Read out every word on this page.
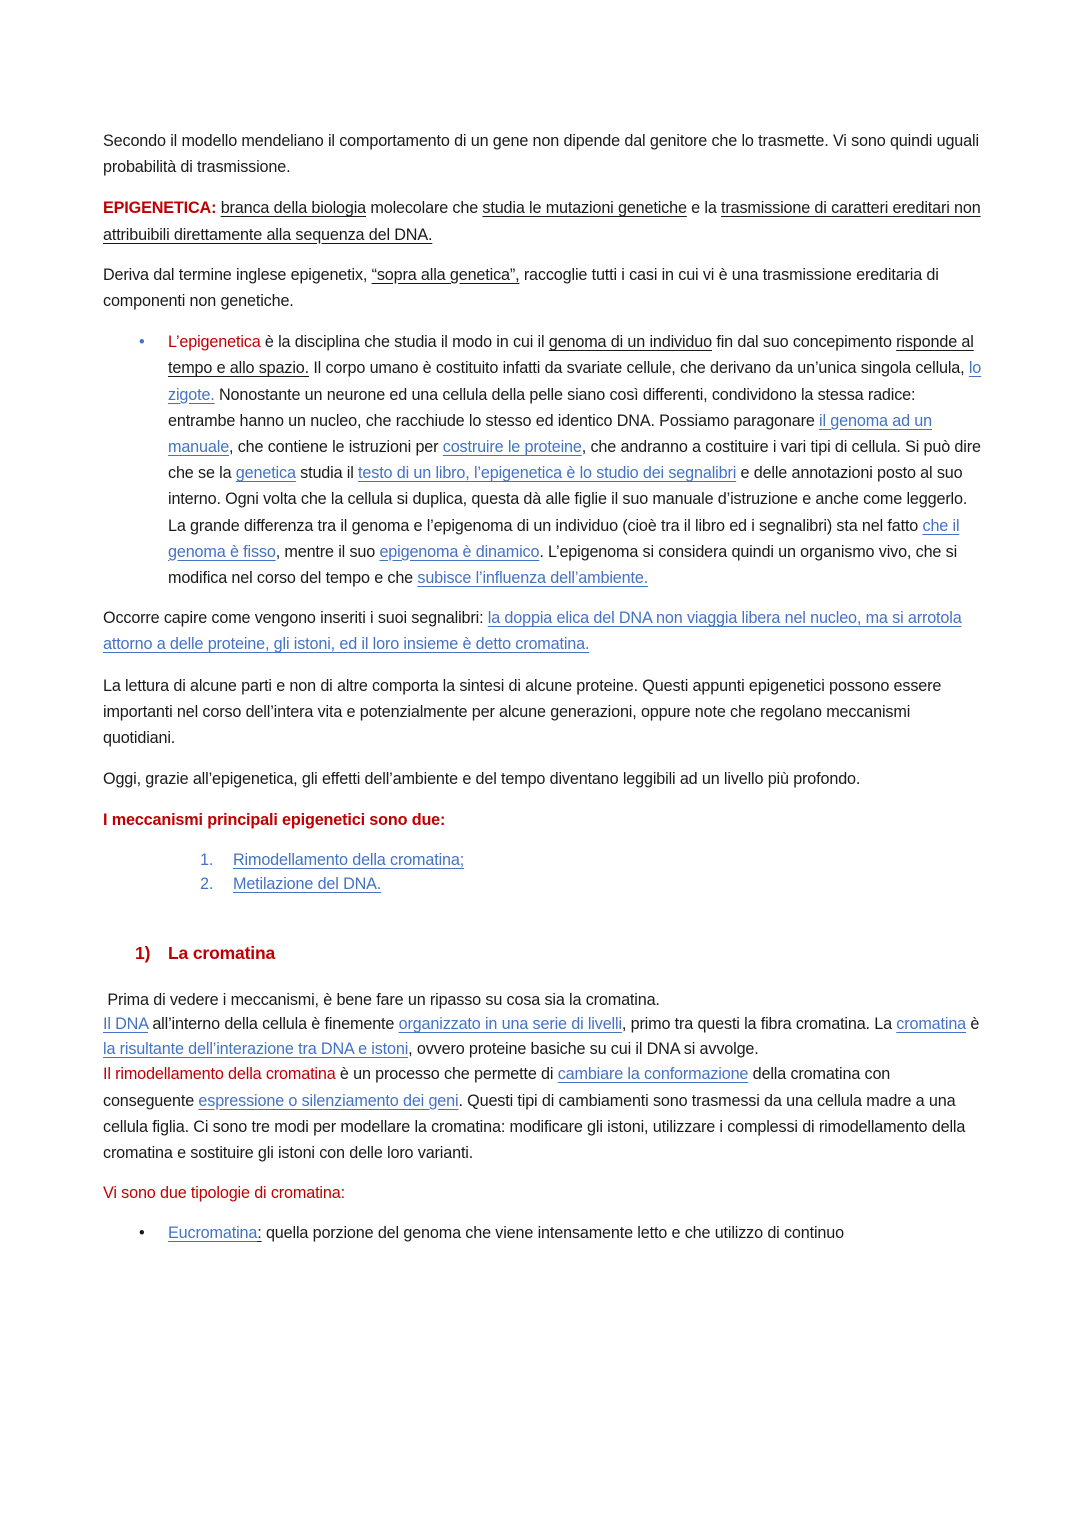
Secondo il modello mendeliano il comportamento di un gene non dipende dal genitore che lo trasmette. Vi sono quindi uguali probabilità di trasmissione.

EPIGENETICA: branca della biologia molecolare che studia le mutazioni genetiche e la trasmissione di caratteri ereditari non attribuibili direttamente alla sequenza del DNA.

Deriva dal termine inglese epigenetix, “sopra alla genetica”, raccoglie tutti i casi in cui vi è una trasmissione ereditaria di componenti non genetiche.

•	L’epigenetica è la disciplina che studia il modo in cui il genoma di un individuo fin dal suo concepimento risponde al tempo e allo spazio. Il corpo umano è costituito infatti da svariate cellule, che derivano da un’unica singola cellula, lo zigote. Nonostante un neurone ed una cellula della pelle siano così differenti, condividono la stessa radice: entrambe hanno un nucleo, che racchiude lo stesso ed identico DNA. Possiamo paragonare il genoma ad un manuale, che contiene le istruzioni per costruire le proteine, che andranno a costituire i vari tipi di cellula. Si può dire che se la genetica studia il testo di un libro, l’epigenetica è lo studio dei segnalibri e delle annotazioni posto al suo interno. Ogni volta che la cellula si duplica, questa dà alle figlie il suo manuale d’istruzione e anche come leggerlo. La grande differenza tra il genoma e l’epigenoma di un individuo (cioè tra il libro ed i segnalibri) sta nel fatto che il genoma è fisso, mentre il suo epigenoma è dinamico. L’epigenoma si considera quindi un organismo vivo, che si modifica nel corso del tempo e che subisce l’influenza dell’ambiente.

Occorre capire come vengono inseriti i suoi segnalibri: la doppia elica del DNA non viaggia libera nel nucleo, ma si arrotola attorno a delle proteine, gli istoni, ed il loro insieme è detto cromatina.

La lettura di alcune parti e non di altre comporta la sintesi di alcune proteine. Questi appunti epigenetici possono essere importanti nel corso dell’intera vita e potenzialmente per alcune generazioni, oppure note che regolano meccanismi quotidiani.

Oggi, grazie all’epigenetica, gli effetti dell’ambiente e del tempo diventano leggibili ad un livello più profondo.

I meccanismi principali epigenetici sono due:

1. Rimodellamento della cromatina;
2. Metilazione del DNA.

1) La cromatina

Prima di vedere i meccanismi, è bene fare un ripasso su cosa sia la cromatina.

Il DNA all’interno della cellula è finemente organizzato in una serie di livelli, primo tra questi la fibra cromatina. La cromatina è la risultante dell’interazione tra DNA e istoni, ovvero proteine basiche su cui il DNA si avvolge.

Il rimodellamento della cromatina è un processo che permette di cambiare la conformazione della cromatina con conseguente espressione o silenziamento dei geni. Questi tipi di cambiamenti sono trasmessi da una cellula madre a una cellula figlia. Ci sono tre modi per modellare la cromatina: modificare gli istoni, utilizzare i complessi di rimodellamento della cromatina e sostituire gli istoni con delle loro varianti.

Vi sono due tipologie di cromatina:

•	Eucromatina: quella porzione del genoma che viene intensamente letto e che utilizzo di continuo
